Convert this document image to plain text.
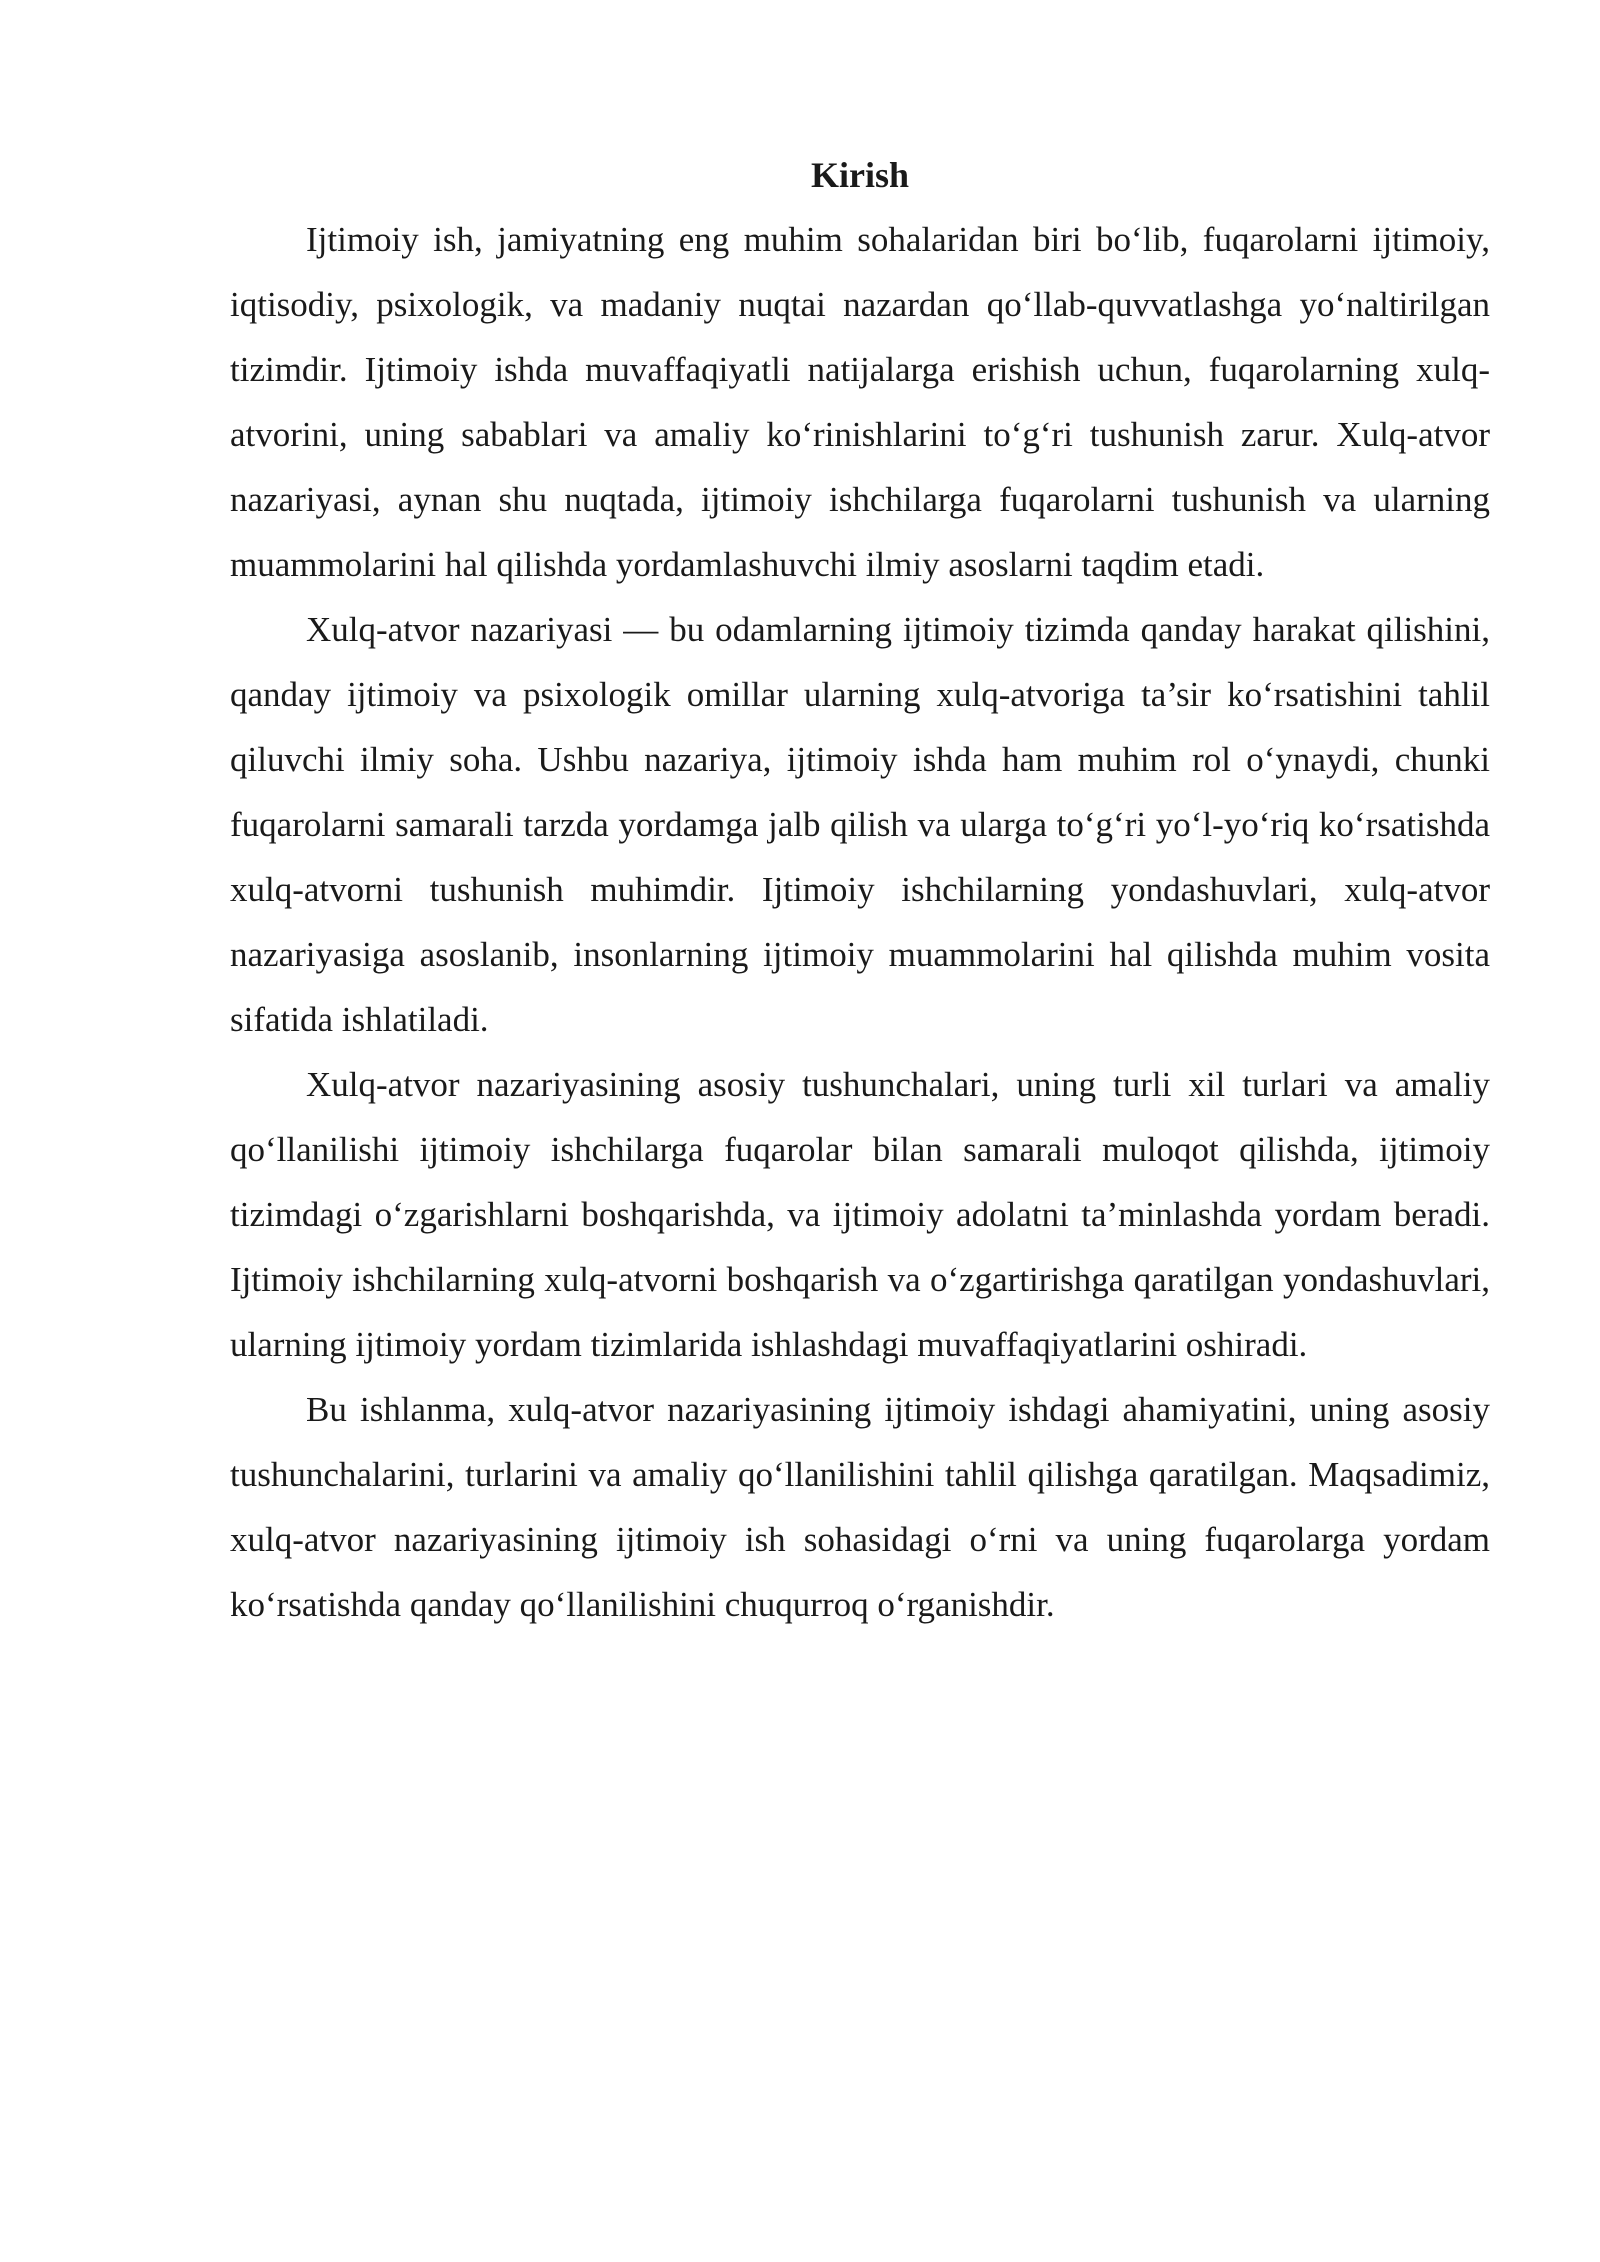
Kirish

Ijtimoiy ish, jamiyatning eng muhim sohalaridan biri bo‘lib, fuqarolarni ijtimoiy, iqtisodiy, psixologik, va madaniy nuqtai nazardan qo‘llab-quvvatlashga yo‘naltirilgan tizimdir. Ijtimoiy ishda muvaffaqiyatli natijalarga erishish uchun, fuqarolarning xulq-atvorini, uning sabablari va amaliy ko‘rinishlarini to‘g‘ri tushunish zarur. Xulq-atvor nazariyasi, aynan shu nuqtada, ijtimoiy ishchilarga fuqarolarni tushunish va ularning muammolarini hal qilishda yordamlashuvchi ilmiy asoslarni taqdim etadi.

Xulq-atvor nazariyasi — bu odamlarning ijtimoiy tizimda qanday harakat qilishini, qanday ijtimoiy va psixologik omillar ularning xulq-atvoriga ta’sir ko‘rsatishini tahlil qiluvchi ilmiy soha. Ushbu nazariya, ijtimoiy ishda ham muhim rol o‘ynaydi, chunki fuqarolarni samarali tarzda yordamga jalb qilish va ularga to‘g‘ri yo‘l-yo‘riq ko‘rsatishda xulq-atvorni tushunish muhimdir. Ijtimoiy ishchilarning yondashuvlari, xulq-atvor nazariyasiga asoslanib, insonlarning ijtimoiy muammolarini hal qilishda muhim vosita sifatida ishlatiladi.

Xulq-atvor nazariyasining asosiy tushunchalari, uning turli xil turlari va amaliy qo‘llanilishi ijtimoiy ishchilarga fuqarolar bilan samarali muloqot qilishda, ijtimoiy tizimdagi o‘zgarishlarni boshqarishda, va ijtimoiy adolatni ta’minlashda yordam beradi. Ijtimoiy ishchilarning xulq-atvorni boshqarish va o‘zgartirishga qaratilgan yondashuvlari, ularning ijtimoiy yordam tizimlarida ishlashdagi muvaffaqiyatlarini oshiradi.

Bu ishlanma, xulq-atvor nazariyasining ijtimoiy ishdagi ahamiyatini, uning asosiy tushunchalarini, turlarini va amaliy qo‘llanilishini tahlil qilishga qaratilgan. Maqsadimiz, xulq-atvor nazariyasining ijtimoiy ish sohasidagi o‘rni va uning fuqarolarga yordam ko‘rsatishda qanday qo‘llanilishini chuqurroq o‘rganishdir.
